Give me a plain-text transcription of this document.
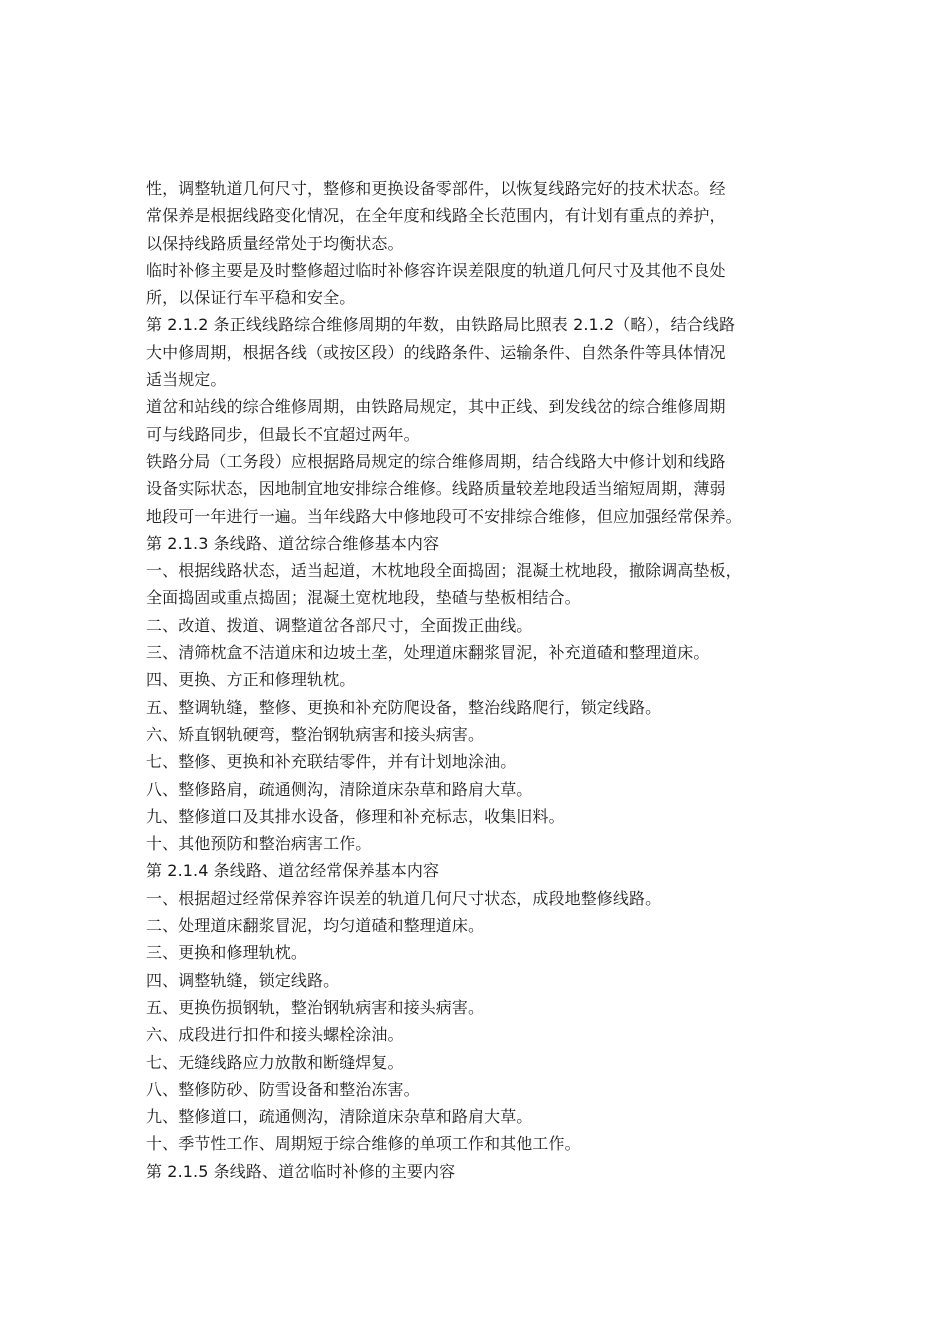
性，调整轨道几何尺寸，整修和更换设备零部件，以恢复线路完好的技术状态。经
常保养是根据线路变化情况，在全年度和线路全长范围内，有计划有重点的养护，
以保持线路质量经常处于均衡状态。
临时补修主要是及时整修超过临时补修容许误差限度的轨道几何尺寸及其他不良处
所，以保证行车平稳和安全。
第 2.1.2 条正线线路综合维修周期的年数，由铁路局比照表 2.1.2（略），结合线路
大中修周期，根据各线（或按区段）的线路条件、运输条件、自然条件等具体情况
适当规定。
道岔和站线的综合维修周期，由铁路局规定，其中正线、到发线岔的综合维修周期
可与线路同步，但最长不宜超过两年。
铁路分局（工务段）应根据路局规定的综合维修周期，结合线路大中修计划和线路
设备实际状态，因地制宜地安排综合维修。线路质量较差地段适当缩短周期，薄弱
地段可一年进行一遍。当年线路大中修地段可不安排综合维修，但应加强经常保养。
第 2.1.3 条线路、道岔综合维修基本内容
一、根据线路状态，适当起道，木枕地段全面捣固；混凝土枕地段，撤除调高垫板，
全面捣固或重点捣固；混凝土宽枕地段，垫碴与垫板相结合。
二、改道、拨道、调整道岔各部尺寸，全面拨正曲线。
三、清筛枕盒不洁道床和边坡土垄，处理道床翻浆冒泥，补充道碴和整理道床。
四、更换、方正和修理轨枕。
五、整调轨缝，整修、更换和补充防爬设备，整治线路爬行，锁定线路。
六、矫直钢轨硬弯，整治钢轨病害和接头病害。
七、整修、更换和补充联结零件，并有计划地涂油。
八、整修路肩，疏通侧沟，清除道床杂草和路肩大草。
九、整修道口及其排水设备，修理和补充标志，收集旧料。
十、其他预防和整治病害工作。
第 2.1.4 条线路、道岔经常保养基本内容
一、根据超过经常保养容许误差的轨道几何尺寸状态，成段地整修线路。
二、处理道床翻浆冒泥，均匀道碴和整理道床。
三、更换和修理轨枕。
四、调整轨缝，锁定线路。
五、更换伤损钢轨，整治钢轨病害和接头病害。
六、成段进行扣件和接头螺栓涂油。
七、无缝线路应力放散和断缝焊复。
八、整修防砂、防雪设备和整治冻害。
九、整修道口，疏通侧沟，清除道床杂草和路肩大草。
十、季节性工作、周期短于综合维修的单项工作和其他工作。
第 2.1.5 条线路、道岔临时补修的主要内容
